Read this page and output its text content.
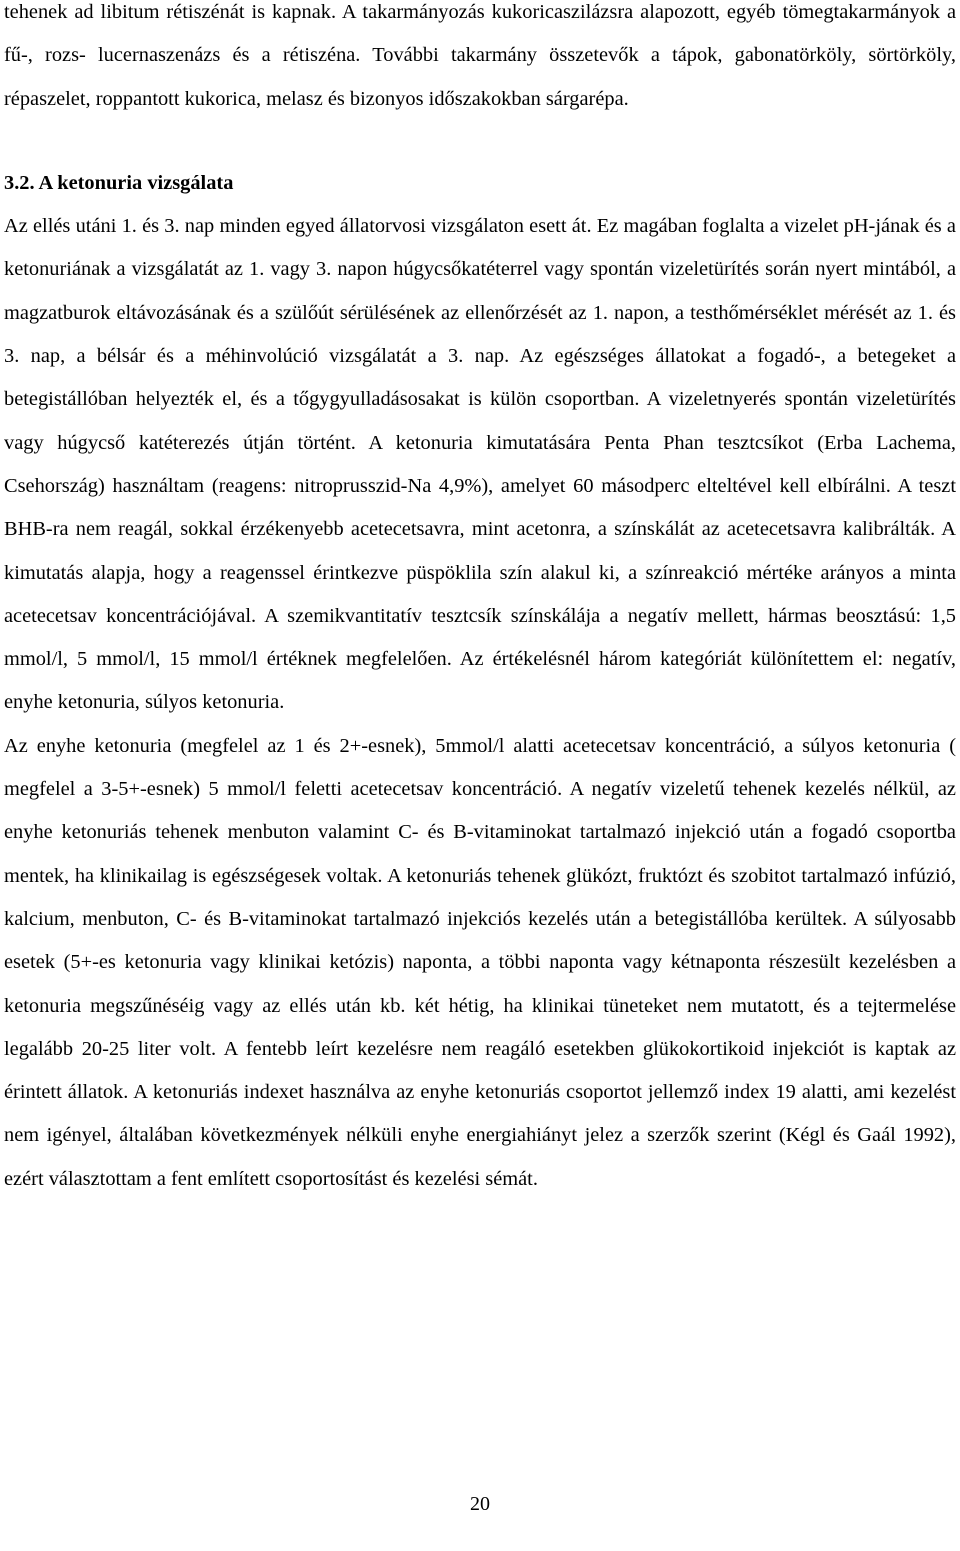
tehenek ad libitum rétiszénát is kapnak. A takarmányozás kukoricaszilázsra alapozott, egyéb tömegtakarmányok a fű-, rozs- lucernaszenázs és a rétiszéna. További takarmány összetevők a tápok, gabonatörköly, sörtörköly, répaszelet, roppantott kukorica, melasz és bizonyos időszakokban sárgarépa.

3.2. A ketonuria vizsgálata

Az ellés utáni 1. és 3. nap minden egyed állatorvosi vizsgálaton esett át. Ez magában foglalta a vizelet pH-jának és a ketonuriának a vizsgálatát az 1. vagy 3. napon húgycsőkatéterrel vagy spontán vizeletürítés során nyert mintából, a magzatburok eltávozásának és a szülőút sérülésének az ellenőrzését az 1. napon, a testhőmérséklet mérését az 1. és 3. nap, a bélsár és a méhinvolúció vizsgálatát a 3. nap. Az egészséges állatokat a fogadó-, a betegeket a betegistállóban helyezték el, és a tőgygyulladásosakat is külön csoportban. A vizeletnyerés spontán vizeletürítés vagy húgycső katéterezés útján történt. A ketonuria kimutatására Penta Phan tesztcsíkot (Erba Lachema, Csehország) használtam (reagens: nitroprusszid-Na 4,9%), amelyet 60 másodperc elteltével kell elbírálni. A teszt BHB-ra nem reagál, sokkal érzékenyebb acetecetsavra, mint acetonra, a színskálát az acetecetsavra kalibrálták. A kimutatás alapja, hogy a reagenssel érintkezve püspöklila szín alakul ki, a színreakció mértéke arányos a minta acetecetsav koncentrációjával. A szemikvantitatív tesztcsík színskálája a negatív mellett, hármas beosztású: 1,5 mmol/l, 5 mmol/l, 15 mmol/l értéknek megfelelően. Az értékelésnél három kategóriát különítettem el: negatív, enyhe ketonuria, súlyos ketonuria.

Az enyhe ketonuria (megfelel az 1 és 2+-esnek), 5mmol/l alatti acetecetsav koncentráció, a súlyos ketonuria ( megfelel a 3-5+-esnek) 5 mmol/l feletti acetecetsav koncentráció. A negatív vizeletű tehenek kezelés nélkül, az enyhe ketonuriás tehenek menbuton valamint C- és B-vitaminokat tartalmazó injekció után a fogadó csoportba mentek, ha klinikailag is egészségesek voltak. A ketonuriás tehenek glükózt, fruktózt és szobitot tartalmazó infúzió, kalcium, menbuton, C- és B-vitaminokat tartalmazó injekciós kezelés után a betegistállóba kerültek. A súlyosabb esetek (5+-es ketonuria vagy klinikai ketózis) naponta, a többi naponta vagy kétnaponta részesült kezelésben a ketonuria megszűnéséig vagy az ellés után kb. két hétig, ha klinikai tüneteket nem mutatott, és a tejtermelése legalább 20-25 liter volt. A fentebb leírt kezelésre nem reagáló esetekben glükokortikoid injekciót is kaptak az érintett állatok. A ketonuriás indexet használva az enyhe ketonuriás csoportot jellemző index 19 alatti, ami kezelést nem igényel, általában következmények nélküli enyhe energiahiányt jelez a szerzők szerint (Kégl és Gaál 1992), ezért választottam a fent említett csoportosítást és kezelési sémát.

20
